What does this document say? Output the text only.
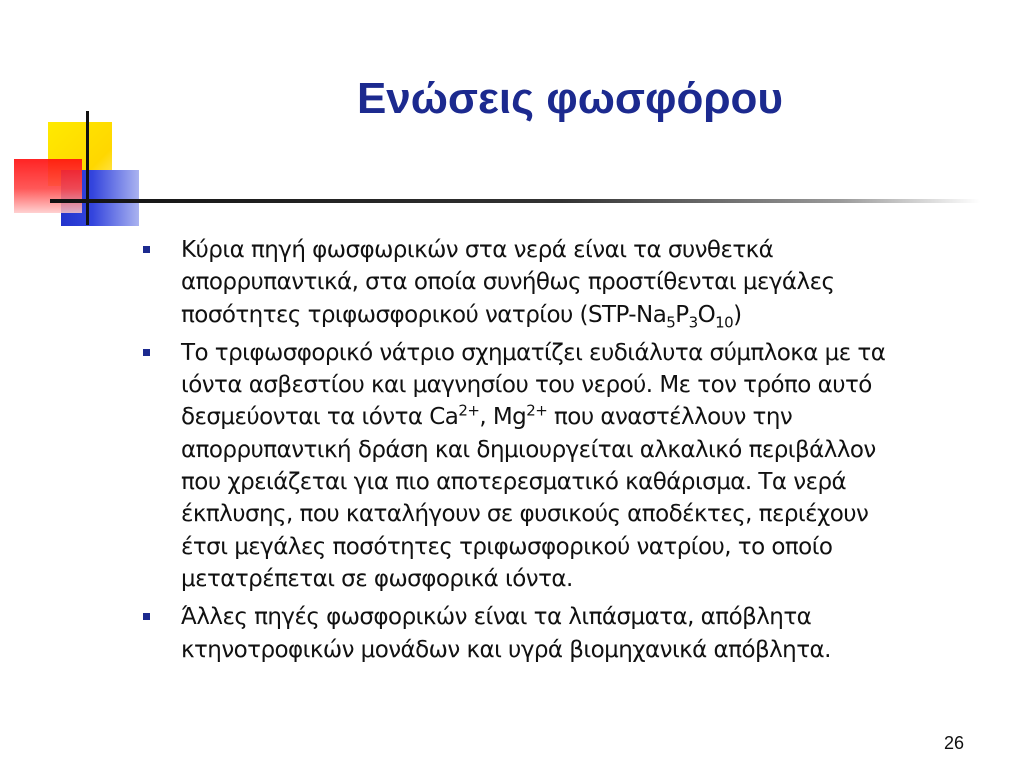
Ενώσεις φωσφόρου
Κύρια πηγή φωσφωρικών στα νερά είναι τα συνθετκά
απορρυπαντικά, στα οποία συνήθως προστίθενται μεγάλες
ποσότητες τριφωσφορικού νατρίου $(STP-Na_5P_3O_{10})$
Το τριφωσφορικό νάτριο σχηματίζει ευδιάλυτα σύμπλοκα με τα
ιόντα ασβεστίου και μαγνησίου του νερού. Με τον τρόπο αυτό
δεσμεύονται τα ιόντα $Ca^{2+}$, $Mg^{2+}$ που αναστέλλουν την
απορρυπαντική δράση και δημιουργείται αλκαλικό περιβάλλον
που χρειάζεται για πιο αποτερεσματικό καθάρισμα. Τα νερά
έκπλυσης, που καταλήγουν σε φυσικούς αποδέκτες, περιέχουν
έτσι μεγάλες ποσότητες τριφωσφορικού νατρίου, το οποίο
μετατρέπεται σε φωσφορικά ιόντα.
Άλλες πηγές φωσφορικών είναι τα λιπάσματα, απόβλητα
κτηνοτροφικών μονάδων και υγρά βιομηχανικά απόβλητα.
26
